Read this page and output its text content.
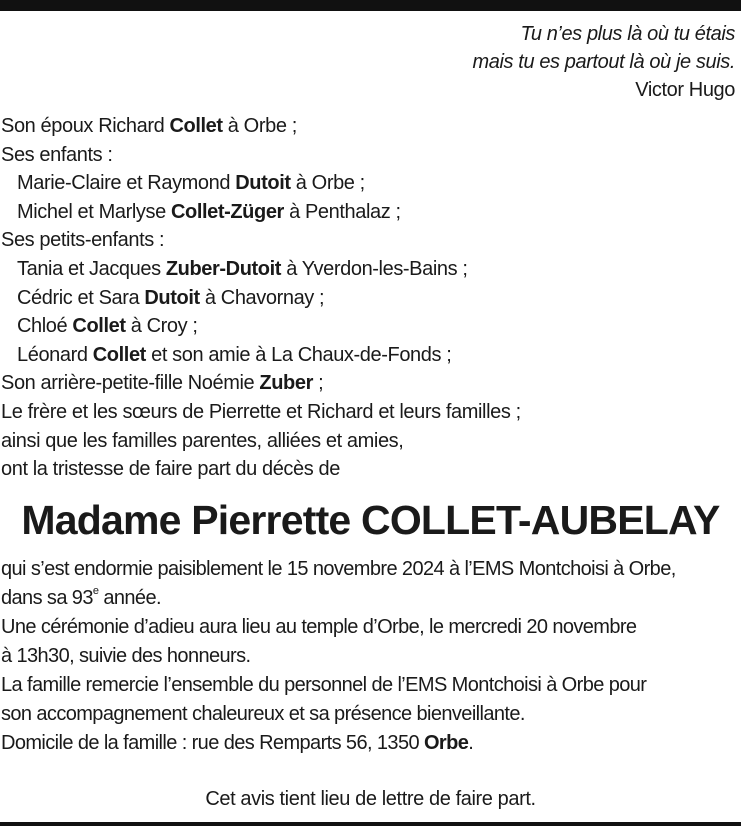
Tu n’es plus là où tu étais
mais tu es partout là où je suis.
Victor Hugo
Son époux Richard Collet à Orbe ;
Ses enfants :
Marie-Claire et Raymond Dutoit à Orbe ;
Michel et Marlyse Collet-Züger à Penthalaz ;
Ses petits-enfants :
Tania et Jacques Zuber-Dutoit à Yverdon-les-Bains ;
Cédric et Sara Dutoit à Chavornay ;
Chloé Collet à Croy ;
Léonard Collet et son amie à La Chaux-de-Fonds ;
Son arrière-petite-fille Noémie Zuber ;
Le frère et les sœurs de Pierrette et Richard et leurs familles ;
ainsi que les familles parentes, alliées et amies,
ont la tristesse de faire part du décès de
Madame Pierrette COLLET-AUBELAY
qui s’est endormie paisiblement le 15 novembre 2024 à l’EMS Montchoisi à Orbe,
dans sa 93e année.
Une cérémonie d’adieu aura lieu au temple d’Orbe, le mercredi 20 novembre
à 13h30, suivie des honneurs.
La famille remercie l’ensemble du personnel de l’EMS Montchoisi à Orbe pour
son accompagnement chaleureux et sa présence bienveillante.
Domicile de la famille : rue des Remparts 56, 1350 Orbe.
Cet avis tient lieu de lettre de faire part.
